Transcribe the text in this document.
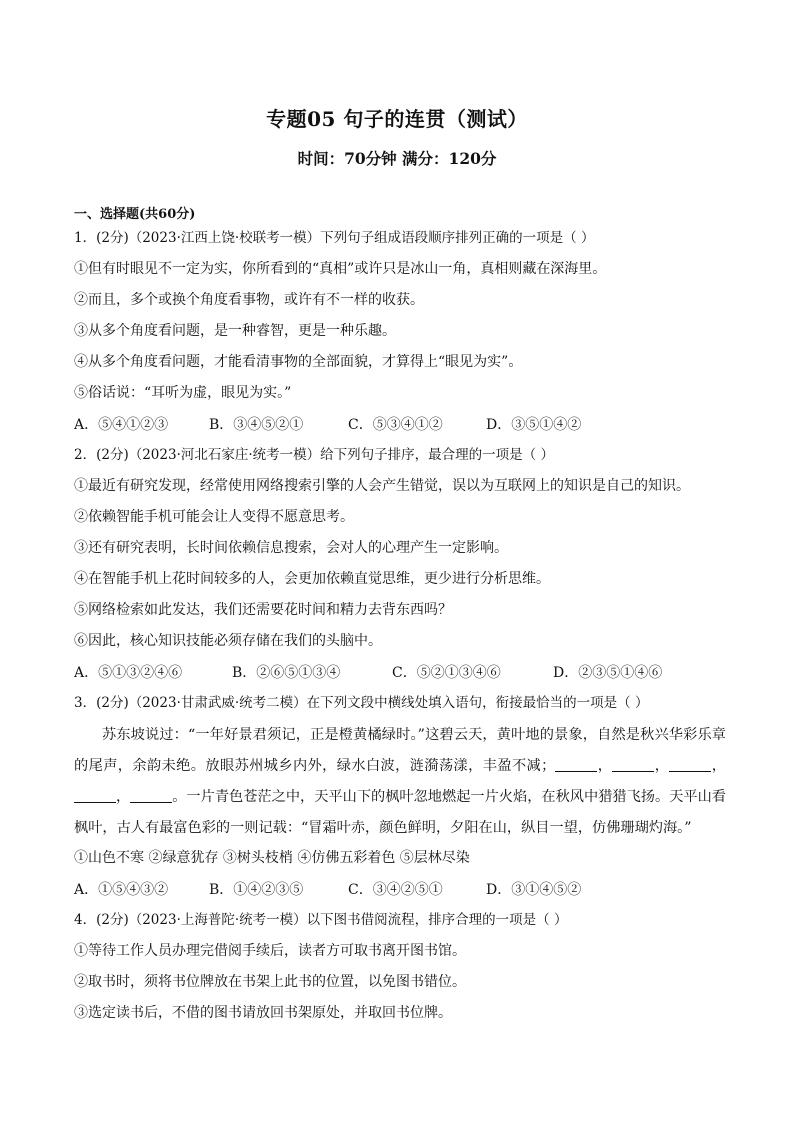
专题05 句子的连贯（测试）
时间：70分钟 满分：120分
一、选择题(共60分)
1．(2分)（2023·江西上饶·校联考一模）下列句子组成语段顺序排列正确的一项是（ ）
①但有时眼见不一定为实，你所看到的“真相”或许只是冰山一角，真相则藏在深海里。
②而且，多个或换个角度看事物，或许有不一样的收获。
③从多个角度看问题，是一种睿智，更是一种乐趣。
④从多个角度看问题，才能看清事物的全部面貌，才算得上“眼见为实”。
⑤俗话说：“耳听为虚，眼见为实。”
A．⑤④①②③	B．③④⑤②①	C．⑤③④①②	D．③⑤①④②
2．(2分)（2023·河北石家庄·统考一模）给下列句子排序，最合理的一项是（ ）
①最近有研究发现，经常使用网络搜索引擎的人会产生错觉，误以为互联网上的知识是自己的知识。
②依赖智能手机可能会让人变得不愿意思考。
③还有研究表明，长时间依赖信息搜索，会对人的心理产生一定影响。
④在智能手机上花时间较多的人，会更加依赖直觉思维，更少进行分析思维。
⑤网络检索如此发达，我们还需要花时间和精力去背东西吗？
⑥因此，核心知识技能必须存储在我们的头脑中。
A．⑤①③②④⑥	B．②⑥⑤①③④	C．⑤②①③④⑥	D．②③⑤①④⑥
3．(2分)（2023·甘肃武威·统考二模）在下列文段中横线处填入语句，衔接最恰当的一项是（ ）
苏东坡说过：“一年好景君须记，正是橙黄橘绿时。”这碧云天，黄叶地的景象，自然是秋兴华彩乐章的尾声，余韵未绝。放眼苏州城乡内外，绿水白波，涟漪荡漾，丰盈不减；	，	，	，，	。一片青色苍茫之中，天平山下的枫叶忽地燃起一片火焰，在秋风中猎猎飞扬。天平山看枫叶，古人有最富色彩的一则记载：“冒霜叶赤，颜色鲜明，夕阳在山，纵目一望，仿佛珊瑚灼海。”
①山色不寒 ②绿意犹存 ③树头枝梢 ④仿佛五彩着色 ⑤层林尽染
A．①⑤④③②	B．①④②③⑤	C．③④②⑤①	D．③①④⑤②
4．(2分)（2023·上海普陀·统考一模）以下图书借阅流程，排序合理的一项是（ ）
①等待工作人员办理完借阅手续后，读者方可取书离开图书馆。
②取书时，须将书位牌放在书架上此书的位置，以免图书错位。
③选定读书后，不借的图书请放回书架原处，并取回书位牌。
